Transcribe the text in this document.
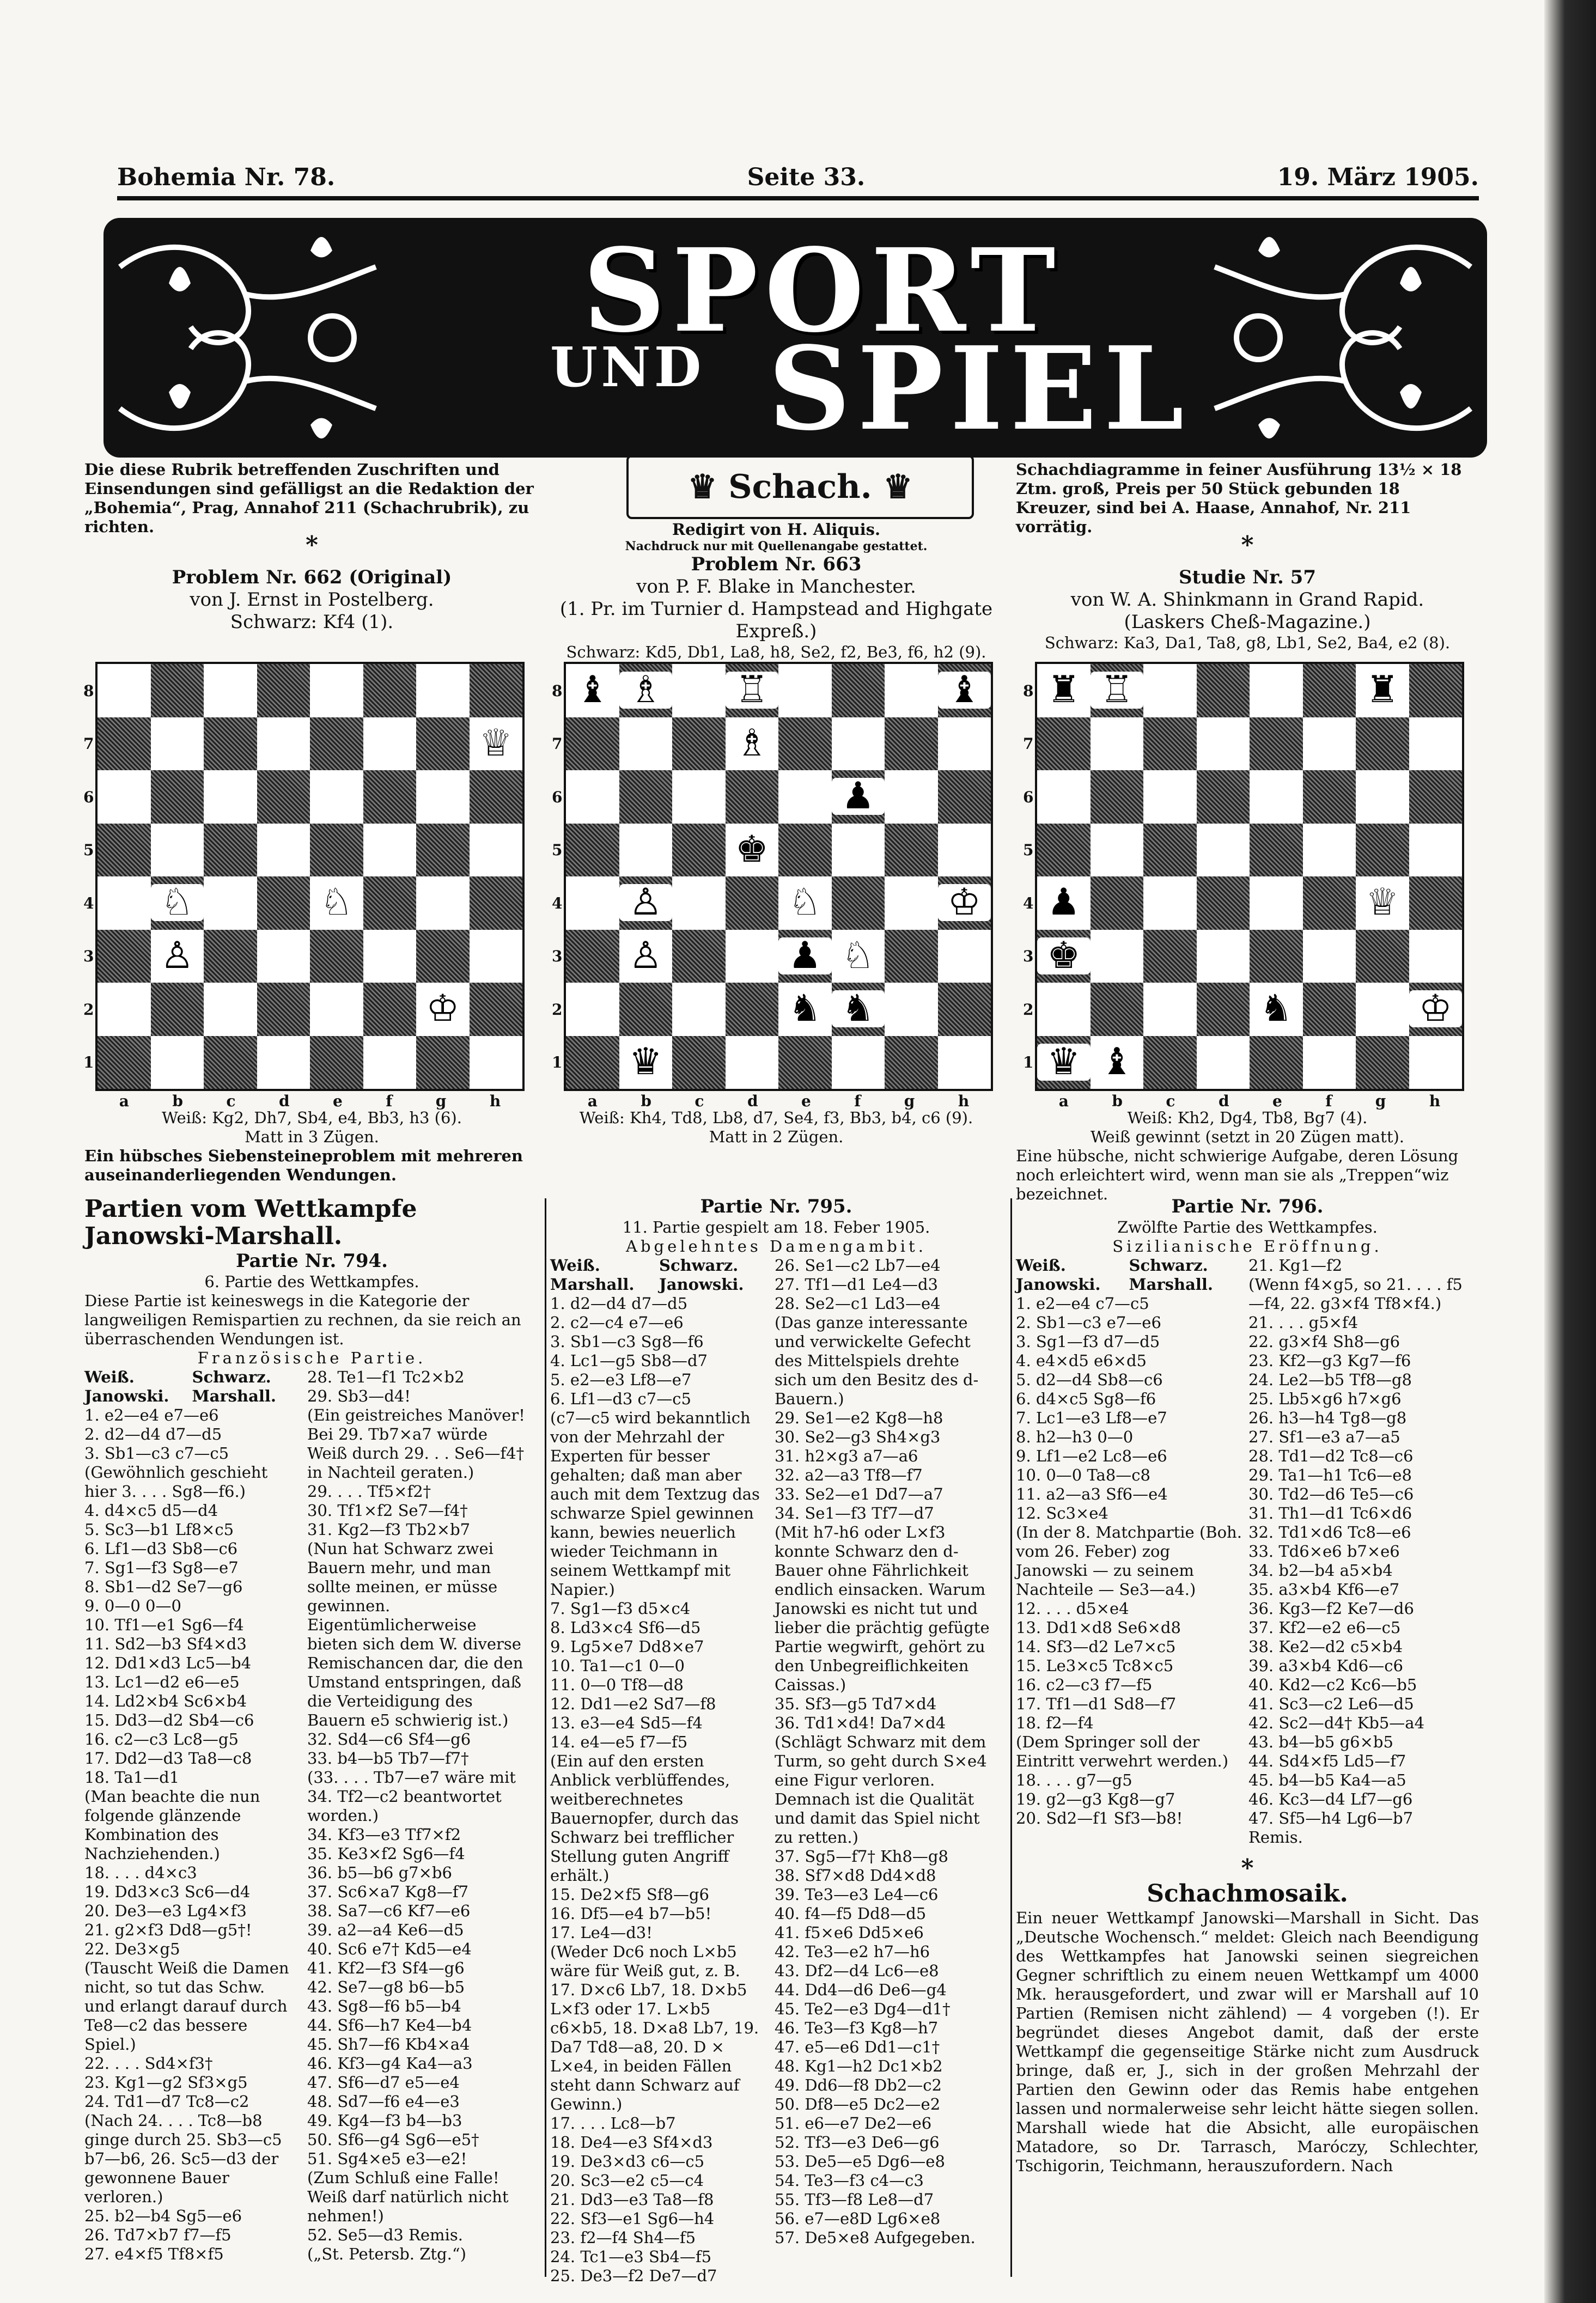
Bohemia Nr. 78.	Seite 33.	19. März 1905.
SPORT
UND SPIEL
Die diese Rubrik betreffenden Zuschriften und Einsendungen sind gefälligst an die Redaktion der „Bohemia“, Prag, Annahof 211 (Schachrubrik), zu richten.
*
Problem Nr. 662 (Original)
von J. Ernst in Postelberg.
Schwarz: Kf4 (1).
♛ Schach. ♛
Redigirt von H. Aliquis.
Nachdruck nur mit Quellenangabe gestattet.
Problem Nr. 663
von P. F. Blake in Manchester.
(1. Pr. im Turnier d. Hampstead and Highgate Expreß.)
Schwarz: Kd5, Db1, La8, h8, Se2, f2, Be3, f6, h2 (9).
Schachdiagramme in feiner Ausführung 13½ × 18 Ztm. groß, Preis per 50 Stück gebunden 18 Kreuzer, sind bei A. Haase, Annahof, Nr. 211 vorrätig.
*
Studie Nr. 57
von W. A. Shinkmann in Grand Rapid.
(Laskers Cheß-Magazine.)
Schwarz: Ka3, Da1, Ta8, g8, Lb1, Se2, Ba4, e2 (8).
♔
♕
♘	♘
♙
8
7
6
5
4
3
2
1
a	b	c	d	e	f	g	h
♚
♛
♝	♝
♞ ♞
♟
♟
♔
♖
♗
♗
♘
♘
♙
♙
8
7
6
5
4
3
2
1
a	b	c	d	e	f	g	h
♚
♛
♜	♜
♝
♞
♟
♔
♕
♖
8
7
6
5
4
3
2
1
a	b	c	d	e	f	g	h
Weiß: Kg2, Dh7, Sb4, e4, Bb3, h3 (6).
Matt in 3 Zügen.
Ein hübsches Siebensteineproblem mit mehreren auseinanderliegenden Wendungen.
Weiß: Kh4, Td8, Lb8, d7, Se4, f3, Bb3, b4, c6 (9).
Matt in 2 Zügen.
Weiß: Kh2, Dg4, Tb8, Bg7 (4).
Weiß gewinnt (setzt in 20 Zügen matt).
Eine hübsche, nicht schwierige Aufgabe, deren Lösung noch erleichtert wird, wenn man sie als „Treppen“wiz bezeichnet.
Partien vom Wettkampfe Janowski-Marshall.
Partie Nr. 794.
6. Partie des Wettkampfes.
Diese Partie ist keineswegs in die Kategorie der langweiligen Remispartien zu rechnen, da sie reich an überraschenden Wendungen ist.
Französische Partie.
Weiß.	Schwarz.
Janowski.	Marshall.
1. e2—e4 e7—e6
2. d2—d4 d7—d5
3. Sb1—c3 c7—c5
(Gewöhnlich geschieht hier 3. . . . Sg8—f6.)
4. d4×c5 d5—d4
5. Sc3—b1 Lf8×c5
6. Lf1—d3 Sb8—c6
7. Sg1—f3 Sg8—e7
8. Sb1—d2 Se7—g6
9. 0—0 0—0
10. Tf1—e1 Sg6—f4
11. Sd2—b3 Sf4×d3
12. Dd1×d3 Lc5—b4
13. Lc1—d2 e6—e5
14. Ld2×b4 Sc6×b4
15. Dd3—d2 Sb4—c6
16. c2—c3 Lc8—g5
17. Dd2—d3 Ta8—c8
18. Ta1—d1
(Man beachte die nun folgende glänzende Kombination des Nachziehenden.)
18. . . . d4×c3
19. Dd3×c3 Sc6—d4
20. De3—e3 Lg4×f3
21. g2×f3 Dd8—g5†!
22. De3×g5
(Tauscht Weiß die Damen nicht, so tut das Schw. und erlangt darauf durch Te8—c2 das bessere Spiel.)
22. . . . Sd4×f3†
23. Kg1—g2 Sf3×g5
24. Td1—d7 Tc8—c2
(Nach 24. . . . Tc8—b8 ginge durch 25. Sb3—c5 b7—b6, 26. Sc5—d3 der gewonnene Bauer verloren.)
25. b2—b4 Sg5—e6
26. Td7×b7 f7—f5
27. e4×f5 Tf8×f5
28. Te1—f1 Tc2×b2
29. Sb3—d4!
(Ein geistreiches Manöver! Bei 29. Tb7×a7 würde Weiß durch 29. . . Se6—f4† in Nachteil geraten.)
29. . . . Tf5×f2†
30. Tf1×f2 Se7—f4†
31. Kg2—f3 Tb2×b7
(Nun hat Schwarz zwei Bauern mehr, und man sollte meinen, er müsse gewinnen. Eigentümlicherweise bieten sich dem W. diverse Remischancen dar, die den Umstand entspringen, daß die Verteidigung des Bauern e5 schwierig ist.)
32. Sd4—c6 Sf4—g6
33. b4—b5 Tb7—f7†
(33. . . . Tb7—e7 wäre mit 34. Tf2—c2 beantwortet worden.)
34. Kf3—e3 Tf7×f2
35. Ke3×f2 Sg6—f4
36. b5—b6 g7×b6
37. Sc6×a7 Kg8—f7
38. Sa7—c6 Kf7—e6
39. a2—a4 Ke6—d5
40. Sc6 e7† Kd5—e4
41. Kf2—f3 Sf4—g6
42. Se7—g8 b6—b5
43. Sg8—f6 b5—b4
44. Sf6—h7 Ke4—b4
45. Sh7—f6 Kb4×a4
46. Kf3—g4 Ka4—a3
47. Sf6—d7 e5—e4
48. Sd7—f6 e4—e3
49. Kg4—f3 b4—b3
50. Sf6—g4 Sg6—e5†
51. Sg4×e5 e3—e2!
(Zum Schluß eine Falle! Weiß darf natürlich nicht nehmen!)
52. Se5—d3 Remis.
(„St. Petersb. Ztg.“)
Partie Nr. 795.
11. Partie gespielt am 18. Feber 1905.
Abgelehntes Damengambit.
Weiß.	Schwarz.
Marshall.	Janowski.
1. d2—d4 d7—d5
2. c2—c4 e7—e6
3. Sb1—c3 Sg8—f6
4. Lc1—g5 Sb8—d7
5. e2—e3 Lf8—e7
6. Lf1—d3 c7—c5
(c7—c5 wird bekanntlich von der Mehrzahl der Experten für besser gehalten; daß man aber auch mit dem Textzug das schwarze Spiel gewinnen kann, bewies neuerlich wieder Teichmann in seinem Wettkampf mit Napier.)
7. Sg1—f3 d5×c4
8. Ld3×c4 Sf6—d5
9. Lg5×e7 Dd8×e7
10. Ta1—c1 0—0
11. 0—0 Tf8—d8
12. Dd1—e2 Sd7—f8
13. e3—e4 Sd5—f4
14. e4—e5 f7—f5
(Ein auf den ersten Anblick verblüffendes, weitberechnetes Bauernopfer, durch das Schwarz bei trefflicher Stellung guten Angriff erhält.)
15. De2×f5 Sf8—g6
16. Df5—e4 b7—b5!
17. Le4—d3!
(Weder Dc6 noch L×b5 wäre für Weiß gut, z. B. 17. D×c6 Lb7, 18. D×b5 L×f3 oder 17. L×b5 c6×b5, 18. D×a8 Lb7, 19. Da7 Td8—a8, 20. D × L×e4, in beiden Fällen steht dann Schwarz auf Gewinn.)
17. . . . Lc8—b7
18. De4—e3 Sf4×d3
19. De3×d3 c6—c5
20. Sc3—e2 c5—c4
21. Dd3—e3 Ta8—f8
22. Sf3—e1 Sg6—h4
23. f2—f4 Sh4—f5
24. Tc1—e3 Sb4—f5
25. De3—f2 De7—d7
26. Se1—c2 Lb7—e4
27. Tf1—d1 Le4—d3
28. Se2—c1 Ld3—e4
(Das ganze interessante und verwickelte Gefecht des Mittelspiels drehte sich um den Besitz des d-Bauern.)
29. Se1—e2 Kg8—h8
30. Se2—g3 Sh4×g3
31. h2×g3 a7—a6
32. a2—a3 Tf8—f7
33. Se2—e1 Dd7—a7
34. Se1—f3 Tf7—d7
(Mit h7-h6 oder L×f3 konnte Schwarz den d-Bauer ohne Fährlichkeit endlich einsacken. Warum Janowski es nicht tut und lieber die prächtig gefügte Partie wegwirft, gehört zu den Unbegreiflichkeiten Caissas.)
35. Sf3—g5 Td7×d4
36. Td1×d4! Da7×d4
(Schlägt Schwarz mit dem Turm, so geht durch S×e4 eine Figur verloren. Demnach ist die Qualität und damit das Spiel nicht zu retten.)
37. Sg5—f7† Kh8—g8
38. Sf7×d8 Dd4×d8
39. Te3—e3 Le4—c6
40. f4—f5 Dd8—d5
41. f5×e6 Dd5×e6
42. Te3—e2 h7—h6
43. Df2—d4 Lc6—e8
44. Dd4—d6 De6—g4
45. Te2—e3 Dg4—d1†
46. Te3—f3 Kg8—h7
47. e5—e6 Dd1—c1†
48. Kg1—h2 Dc1×b2
49. Dd6—f8 Db2—c2
50. Df8—e5 Dc2—e2
51. e6—e7 De2—e6
52. Tf3—e3 De6—g6
53. De5—e5 Dg6—e8
54. Te3—f3 c4—c3
55. Tf3—f8 Le8—d7
56. e7—e8D Lg6×e8
57. De5×e8 Aufgegeben.
Partie Nr. 796.
Zwölfte Partie des Wettkampfes.
Sizilianische Eröffnung.
Weiß.	Schwarz.
Janowski.	Marshall.
1. e2—e4 c7—c5
2. Sb1—c3 e7—e6
3. Sg1—f3 d7—d5
4. e4×d5 e6×d5
5. d2—d4 Sb8—c6
6. d4×c5 Sg8—f6
7. Lc1—e3 Lf8—e7
8. h2—h3 0—0
9. Lf1—e2 Lc8—e6
10. 0—0 Ta8—c8
11. a2—a3 Sf6—e4
12. Sc3×e4
(In der 8. Matchpartie (Boh. vom 26. Feber) zog Janowski — zu seinem Nachteile — Se3—a4.)
12. . . . d5×e4
13. Dd1×d8 Se6×d8
14. Sf3—d2 Le7×c5
15. Le3×c5 Tc8×c5
16. c2—c3 f7—f5
17. Tf1—d1 Sd8—f7
18. f2—f4
(Dem Springer soll der Eintritt verwehrt werden.)
18. . . . g7—g5
19. g2—g3 Kg8—g7
20. Sd2—f1 Sf3—b8!
21. Kg1—f2
(Wenn f4×g5, so 21. . . . f5—f4, 22. g3×f4 Tf8×f4.)
21. . . . g5×f4
22. g3×f4 Sh8—g6
23. Kf2—g3 Kg7—f6
24. Le2—b5 Tf8—g8
25. Lb5×g6 h7×g6
26. h3—h4 Tg8—g8
27. Sf1—e3 a7—a5
28. Td1—d2 Tc8—c6
29. Ta1—h1 Tc6—e8
30. Td2—d6 Te5—c6
31. Th1—d1 Tc6×d6
32. Td1×d6 Tc8—e6
33. Td6×e6 b7×e6
34. b2—b4 a5×b4
35. a3×b4 Kf6—e7
36. Kg3—f2 Ke7—d6
37. Kf2—e2 e6—c5
38. Ke2—d2 c5×b4
39. a3×b4 Kd6—c6
40. Kd2—c2 Kc6—b5
41. Sc3—c2 Le6—d5
42. Sc2—d4† Kb5—a4
43. b4—b5 g6×b5
44. Sd4×f5 Ld5—f7
45. b4—b5 Ka4—a5
46. Kc3—d4 Lf7—g6
47. Sf5—h4 Lg6—b7
Remis.
*
Schachmosaik.
Ein neuer Wettkampf Janowski—Marshall in Sicht. Das „Deutsche Wochensch.“ meldet: Gleich nach Beendigung des Wettkampfes hat Janowski seinen siegreichen Gegner schriftlich zu einem neuen Wettkampf um 4000 Mk. herausgefordert, und zwar will er Marshall auf 10 Partien (Remisen nicht zählend) — 4 vorgeben (!). Er begründet dieses Angebot damit, daß der erste Wettkampf die gegenseitige Stärke nicht zum Ausdruck bringe, daß er, J., sich in der großen Mehrzahl der Partien den Gewinn oder das Remis habe entgehen lassen und normalerweise sehr leicht hätte siegen sollen. Marshall wiede hat die Absicht, alle europäischen Matadore, so Dr. Tarrasch, Maróczy, Schlechter, Tschigorin, Teichmann, herauszufordern. Nach
